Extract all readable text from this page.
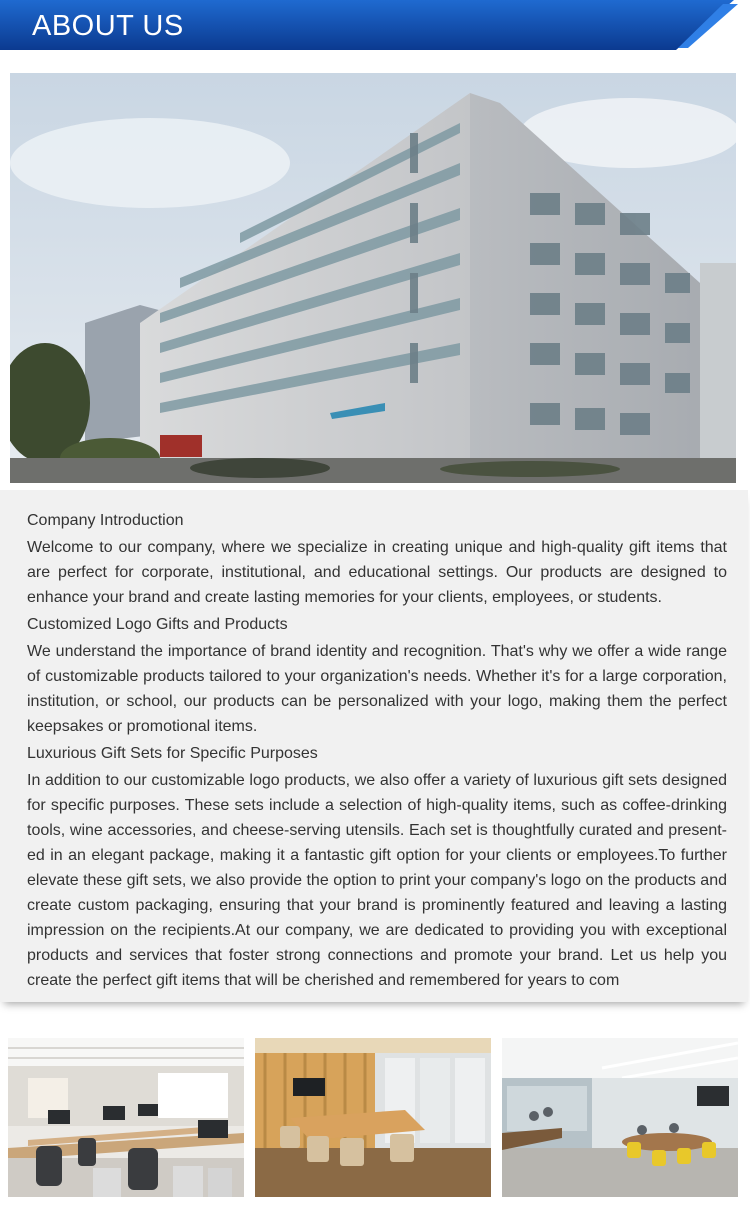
ABOUT US
Company Introduction

Welcome to our company, where we specialize in creating unique and high-quality gift items that are perfect for corporate, institutional, and educational settings. Our products are designed to enhance your brand and create lasting memories for your clients, employees, or students.

Customized Logo Gifts and Products

We understand the importance of brand identity and recognition. That's why we offer a wide range of customizable products tailored to your organization's needs. Whether it's for a large corporation, institution, or school, our products can be personalized with your logo, making them the perfect keepsakes or promotional items.

Luxurious Gift Sets for Specific Purposes

In addition to our customizable logo products, we also offer a variety of luxurious gift sets designed for specific purposes. These sets include a selection of high-quality items, such as coffee-drinking tools, wine accessories, and cheese-serving utensils. Each set is thoughtfully curated and presented in an elegant package, making it a fantastic gift option for your clients or employees.To further elevate these gift sets, we also provide the option to print your company's logo on the products and create custom packaging, ensuring that your brand is prominently featured and leaving a lasting impression on the recipients.At our company, we are dedicated to providing you with exceptional products and services that foster strong connections and promote your brand. Let us help you create the perfect gift items that will be cherished and remembered for years to com
